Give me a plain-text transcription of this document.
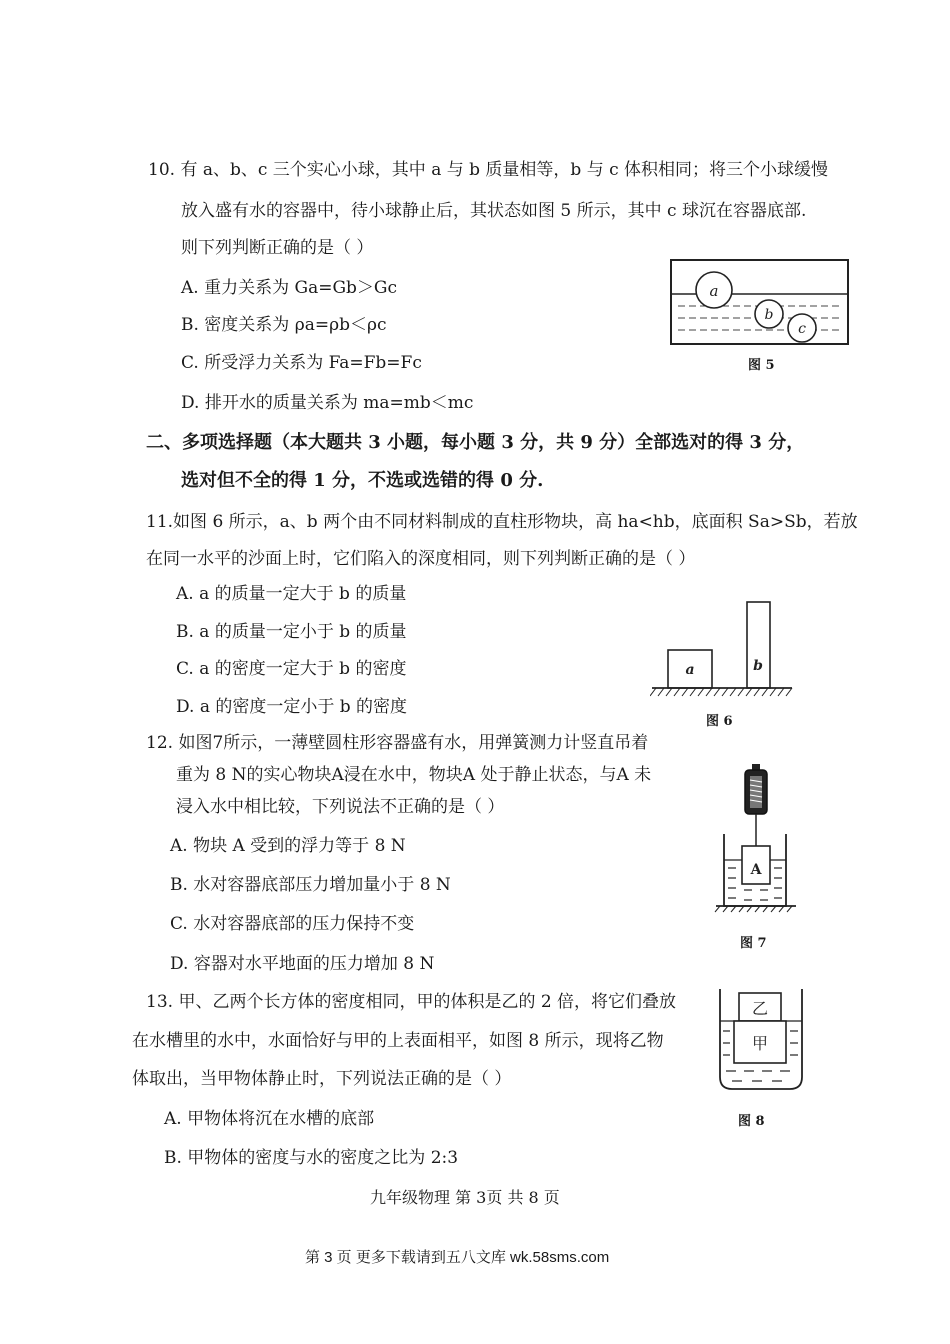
10. 有 a、b、c 三个实心小球，其中 a 与 b 质量相等，b 与 c 体积相同；将三个小球缓慢
放入盛有水的容器中，待小球静止后，其状态如图 5 所示，其中 c 球沉在容器底部.
则下列判断正确的是（ ）
A. 重力关系为 Ga=Gb＞Gc
B. 密度关系为 ρa=ρb＜ρc
C. 所受浮力关系为 Fa=Fb=Fc
D. 排开水的质量关系为 ma=mb＜mc
a
b
c
图 5
二、多项选择题（本大题共 3 小题，每小题 3 分，共 9 分）全部选对的得 3 分，
选对但不全的得 1 分，不选或选错的得 0 分.
11.如图 6 所示，a、b 两个由不同材料制成的直柱形物块，高 ha<hb，底面积 Sa>Sb，若放
在同一水平的沙面上时，它们陷入的深度相同，则下列判断正确的是（ ）
A. a 的质量一定大于 b 的质量
B. a 的质量一定小于 b 的质量
C. a 的密度一定大于 b 的密度
D. a 的密度一定小于 b 的密度
a	b
图 6
12. 如图7所示，一薄壁圆柱形容器盛有水，用弹簧测力计竖直吊着
重为 8 N的实心物块A浸在水中，物块A 处于静止状态，与A 未
浸入水中相比较，下列说法不正确的是（ ）
A. 物块 A 受到的浮力等于 8 N
B. 水对容器底部压力增加量小于 8 N
C. 水对容器底部的压力保持不变
D. 容器对水平地面的压力增加 8 N
A
图 7
13. 甲、乙两个长方体的密度相同，甲的体积是乙的 2 倍，将它们叠放
在水槽里的水中，水面恰好与甲的上表面相平，如图 8 所示，现将乙物
体取出，当甲物体静止时，下列说法正确的是（ ）
A. 甲物体将沉在水槽的底部
B. 甲物体的密度与水的密度之比为 2:3
乙
甲
图 8
九年级物理 第 3页 共 8 页
第 3 页 更多下载请到五八文库 wk.58sms.com
